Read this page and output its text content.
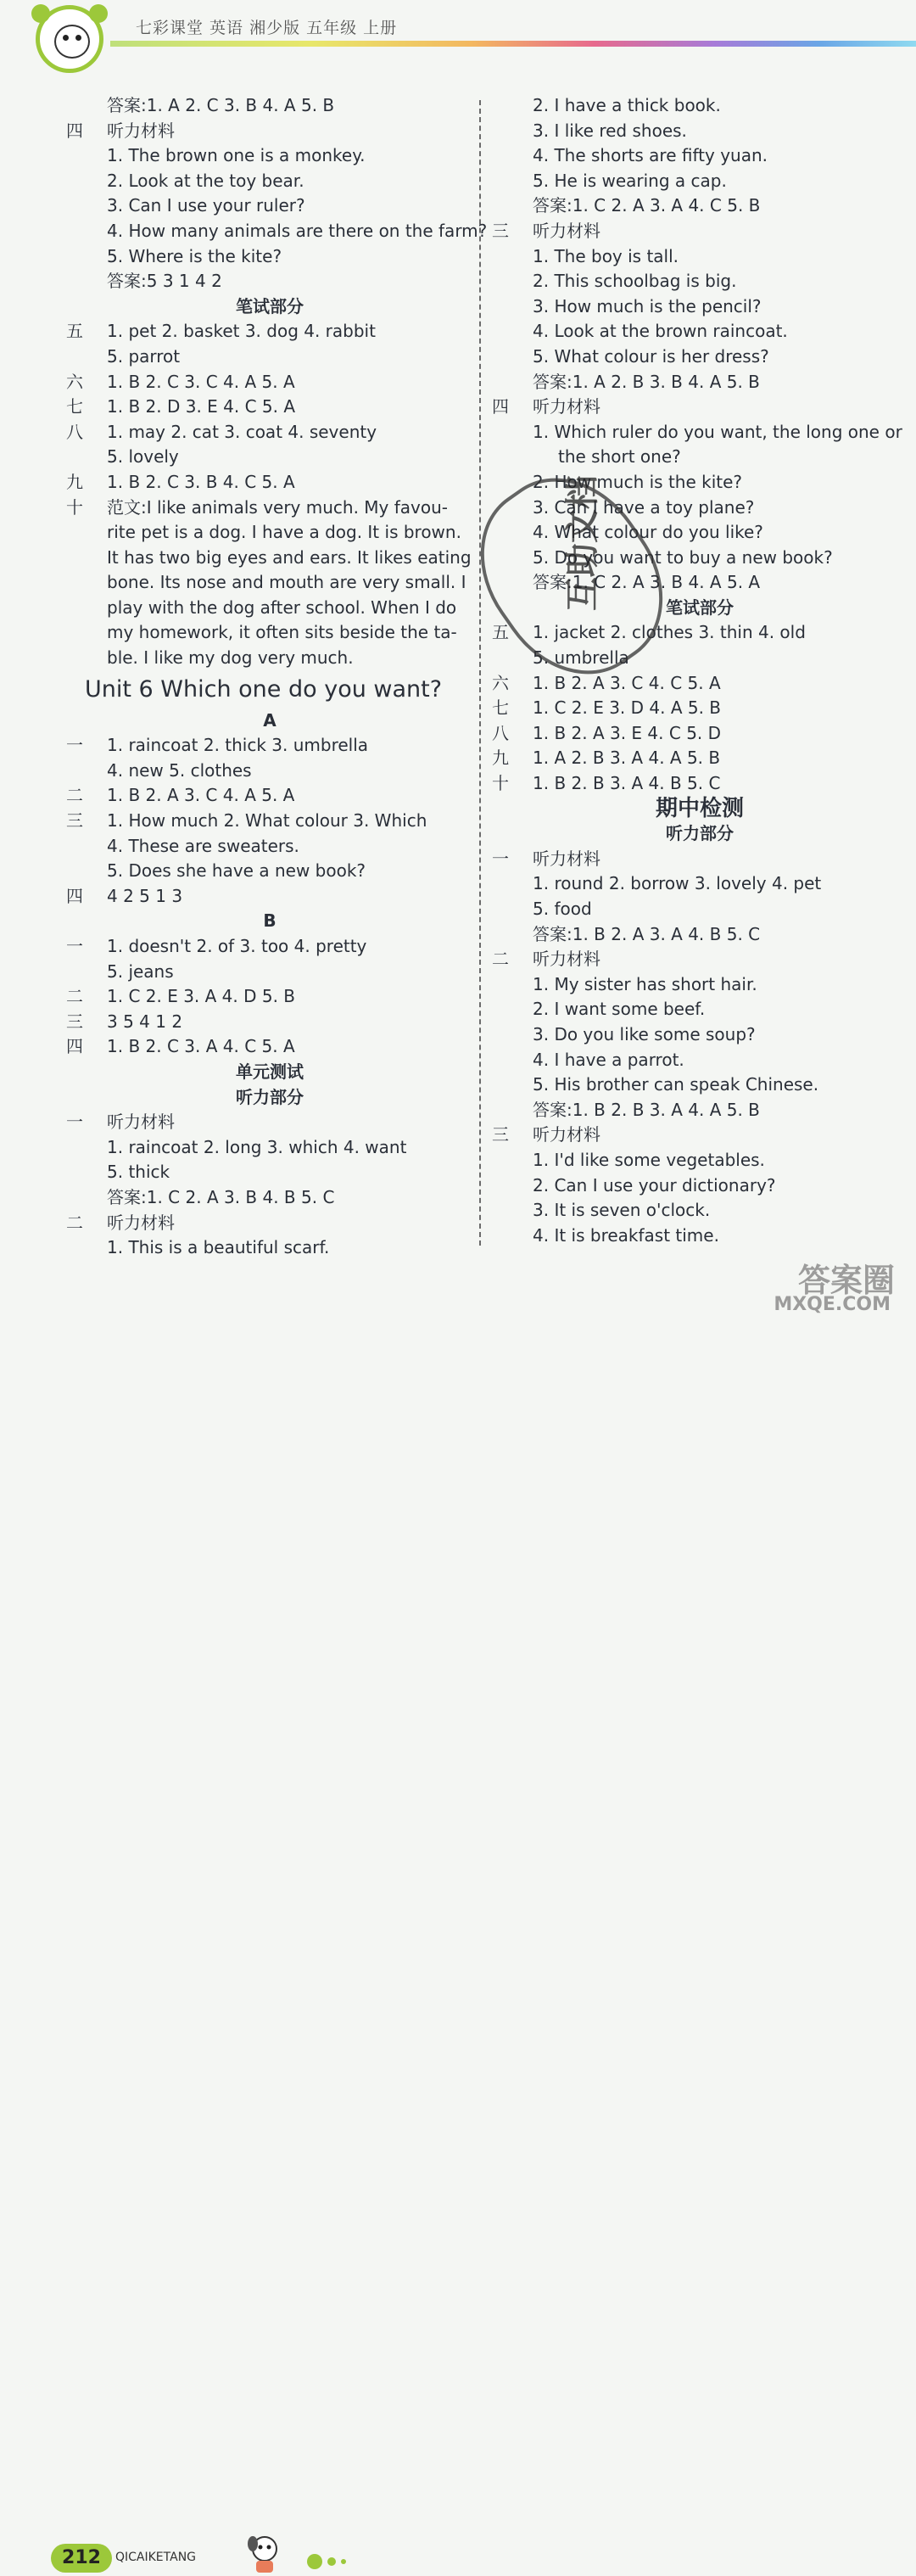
七彩课堂 英语 湘少版 五年级 上册
答案:1. A 2. C 3. B 4. A 5. B
四 听力材料
1. The brown one is a monkey.
2. Look at the toy bear.
3. Can I use your ruler?
4. How many animals are there on the farm?
5. Where is the kite?
答案:5 3 1 4 2
笔试部分
五 1. pet 2. basket 3. dog 4. rabbit
5. parrot
六 1. B 2. C 3. C 4. A 5. A
七 1. B 2. D 3. E 4. C 5. A
八 1. may 2. cat 3. coat 4. seventy
5. lovely
九 1. B 2. C 3. B 4. C 5. A
十 范文:I like animals very much. My favou-
rite pet is a dog. I have a dog. It is brown.
It has two big eyes and ears. It likes eating
bone. Its nose and mouth are very small. I
play with the dog after school. When I do
my homework, it often sits beside the ta-
ble. I like my dog very much.
Unit 6 Which one do you want?
A
一 1. raincoat 2. thick 3. umbrella
4. new 5. clothes
二 1. B 2. A 3. C 4. A 5. A
三 1. How much 2. What colour 3. Which
4. These are sweaters.
5. Does she have a new book?
四 4 2 5 1 3
B
一 1. doesn't 2. of 3. too 4. pretty
5. jeans
二 1. C 2. E 3. A 4. D 5. B
三 3 5 4 1 2
四 1. B 2. C 3. A 4. C 5. A
单元测试
听力部分
一 听力材料
1. raincoat 2. long 3. which 4. want
5. thick
答案:1. C 2. A 3. B 4. B 5. C
二 听力材料
1. This is a beautiful scarf.
2. I have a thick book.
3. I like red shoes.
4. The shorts are fifty yuan.
5. He is wearing a cap.
答案:1. C 2. A 3. A 4. C 5. B
三 听力材料
1. The boy is tall.
2. This schoolbag is big.
3. How much is the pencil?
4. Look at the brown raincoat.
5. What colour is her dress?
答案:1. A 2. B 3. B 4. A 5. B
四 听力材料
1. Which ruler do you want, the long one or
the short one?
2. How much is the kite?
3. Can I have a toy plane?
4. What colour do you like?
5. Do you want to buy a new book?
答案:1. C 2. A 3. B 4. A 5. A
笔试部分
五 1. jacket 2. clothes 3. thin 4. old
5. umbrella
六 1. B 2. A 3. C 4. C 5. A
七 1. C 2. E 3. D 4. A 5. B
八 1. B 2. A 3. E 4. C 5. D
九 1. A 2. B 3. A 4. A 5. B
十 1. B 2. B 3. A 4. B 5. C
期中检测
听力部分
一 听力材料
1. round 2. borrow 3. lovely 4. pet
5. food
答案:1. B 2. A 3. A 4. B 5. C
二 听力材料
1. My sister has short hair.
2. I want some beef.
3. Do you like some soup?
4. I have a parrot.
5. His brother can speak Chinese.
答案:1. B 2. B 3. A 4. A 5. B
三 听力材料
1. I'd like some vegetables.
2. Can I use your dictionary?
3. It is seven o'clock.
4. It is breakfast time.
互助文档
212	QICAIKETANG
答案圈
MXQE.COM
